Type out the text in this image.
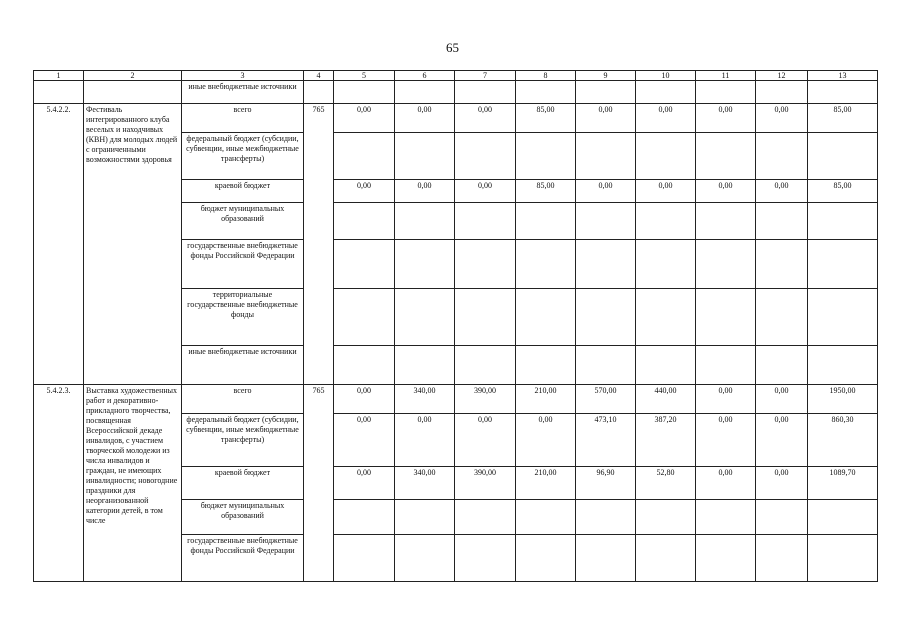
65
1	2	3	4	5	6	7	8	9	10	11	12	13
		иные внебюджетные источники										
5.4.2.2.	Фестиваль интегрированного клуба веселых и находчивых (КВН) для молодых людей с ограниченными возможностями здоровья	всего	765	0,00	0,00	0,00	85,00	0,00	0,00	0,00	0,00	85,00
		федеральный бюджет (субсидии, субвенции, иные межбюджетные трансферты)										
		краевой бюджет		0,00	0,00	0,00	85,00	0,00	0,00	0,00	0,00	85,00
		бюджет муниципальных образований										
		государственные внебюджетные фонды Российской Федерации										
		территориальные государственные внебюджетные фонды										
		иные внебюджетные источники										
5.4.2.3.	Выставка художественных работ и декоративно-прикладного творчества, посвященная Всероссийской декаде инвалидов, с участием творческой молодежи из числа инвалидов и граждан, не имеющих инвалидности; новогодние праздники для неорганизованной категории детей, в том числе	всего	765	0,00	340,00	390,00	210,00	570,00	440,00	0,00	0,00	1950,00
		федеральный бюджет (субсидии, субвенции, иные межбюджетные трансферты)		0,00	0,00	0,00	0,00	473,10	387,20	0,00	0,00	860,30
		краевой бюджет		0,00	340,00	390,00	210,00	96,90	52,80	0,00	0,00	1089,70
		бюджет муниципальных образований										
		государственные внебюджетные фонды Российской Федерации										
